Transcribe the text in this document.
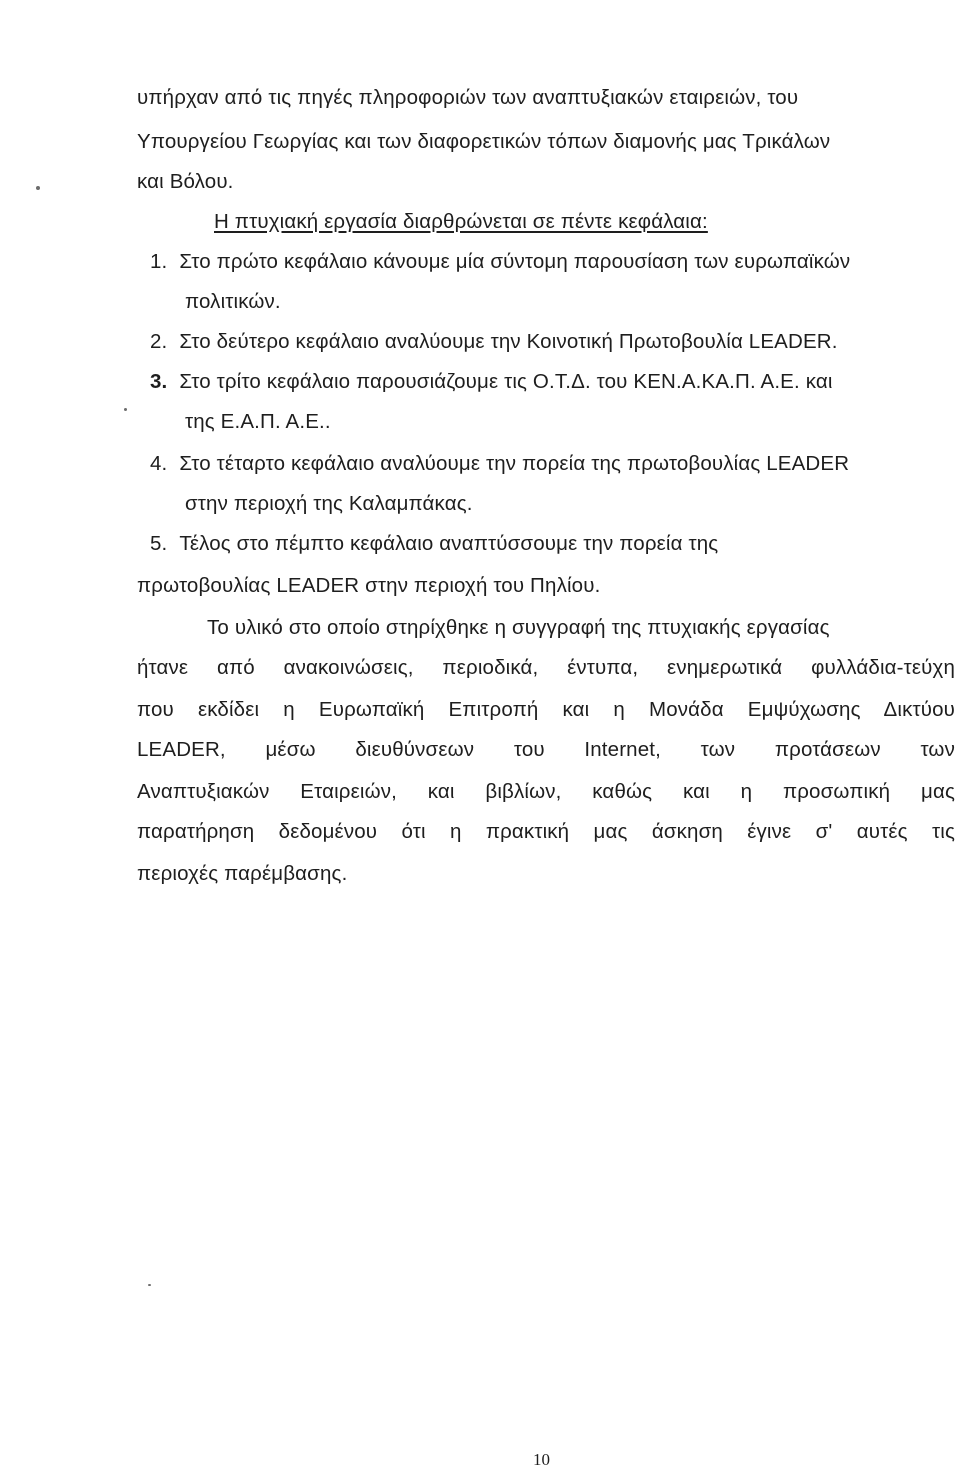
υπήρχαν από τις πηγές πληροφοριών των αναπτυξιακών εταιρειών, του
Υπουργείου Γεωργίας και των διαφορετικών τόπων διαμονής μας Τρικάλων
και Βόλου.
Η πτυχιακή εργασία διαρθρώνεται σε πέντε κεφάλαια:
1. Στο πρώτο κεφάλαιο κάνουμε μία σύντομη παρουσίαση των ευρωπαϊκών
πολιτικών.
2. Στο δεύτερο κεφάλαιο αναλύουμε την Κοινοτική Πρωτοβουλία LEADER.
3. Στο τρίτο κεφάλαιο παρουσιάζουμε τις Ο.Τ.Δ. του ΚΕΝ.Α.ΚΑ.Π. Α.Ε. και
της Ε.Α.Π. Α.Ε..
4. Στο τέταρτο κεφάλαιο αναλύουμε την πορεία της πρωτοβουλίας LEADER
στην περιοχή της Καλαμπάκας.
5. Τέλος στο πέμπτο κεφάλαιο αναπτύσσουμε την πορεία της
πρωτοβουλίας LEADER στην περιοχή του Πηλίου.
Το υλικό στο οποίο στηρίχθηκε η συγγραφή της πτυχιακής εργασίας
ήτανε από ανακοινώσεις, περιοδικά, έντυπα, ενημερωτικά φυλλάδια-τεύχη
που εκδίδει η Ευρωπαϊκή Επιτροπή και η Μονάδα Εμψύχωσης Δικτύου
LEADER, μέσω διευθύνσεων του Internet, των προτάσεων των
Αναπτυξιακών Εταιρειών, και βιβλίων, καθώς και η προσωπική μας
παρατήρηση δεδομένου ότι η πρακτική μας άσκηση έγινε σ' αυτές τις
περιοχές παρέμβασης.
10
